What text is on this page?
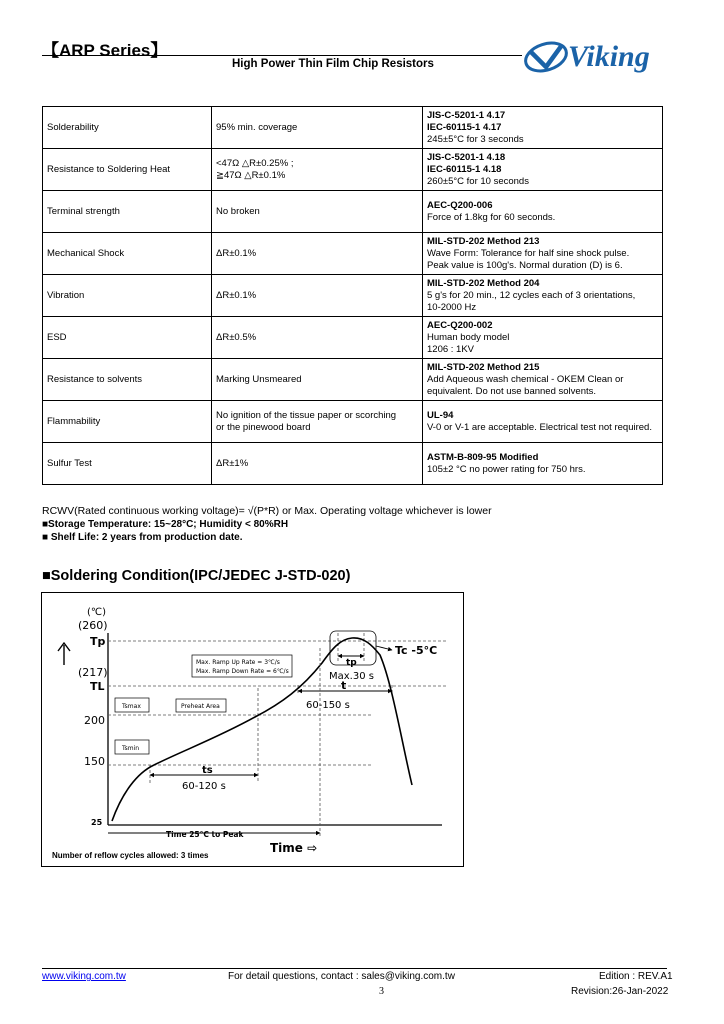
【ARP Series】
High Power Thin Film Chip Resistors	Viking
Solderability	95% min. coverage	JIS-C-5201-1 4.17
IEC-60115-1 4.17
245±5°C for 3 seconds

Resistance to Soldering Heat	<47Ω △R±0.25% ;
≧47Ω △R±0.1%	JIS-C-5201-1 4.18
IEC-60115-1 4.18
260±5°C for 10 seconds

Terminal strength	No broken	AEC-Q200-006
Force of 1.8kg for 60 seconds.

Mechanical Shock	ΔR±0.1%	MIL-STD-202 Method 213
Wave Form: Tolerance for half sine shock pulse.
Peak value is 100g's. Normal duration (D) is 6.

Vibration	ΔR±0.1%	MIL-STD-202 Method 204
5 g's for 20 min., 12 cycles each of 3 orientations,
10-2000 Hz

ESD	ΔR±0.5%	AEC-Q200-002
Human body model
1206 : 1KV

Resistance to solvents	Marking Unsmeared	MIL-STD-202 Method 215
Add Aqueous wash chemical - OKEM Clean or
equivalent. Do not use banned solvents.

Flammability	No ignition of the tissue paper or scorching
or the pinewood board	UL-94
V-0 or V-1 are acceptable. Electrical test not required.

Sulfur Test	ΔR±1%	ASTM-B-809-95 Modified
105±2 °C no power rating for 750 hrs.
RCWV(Rated continuous working voltage)= √(P*R) or Max. Operating voltage whichever is lower
■Storage Temperature: 15~28°C; Humidity < 80%RH
■ Shelf Life: 2 years from production date.
■Soldering Condition(IPC/JEDEC J-STD-020)
Max. Ramp Up Rate = 3℃/s
Max. Ramp Down Rate = 6℃/s
Tsmax
Tsmin
Preheat Area
(℃)
(260)
Tp
(217)
TL
200
150
25
Tc -5°C
tp
Max.30 s
t
60-150 s
ts
60-120 s
Time 25°C to Peak
Time ⇨
Number of reflow cycles allowed: 3 times
www.viking.com.tw	For detail questions, contact : sales@viking.com.tw	Edition : REV.A1
3	Revision:26-Jan-2022
